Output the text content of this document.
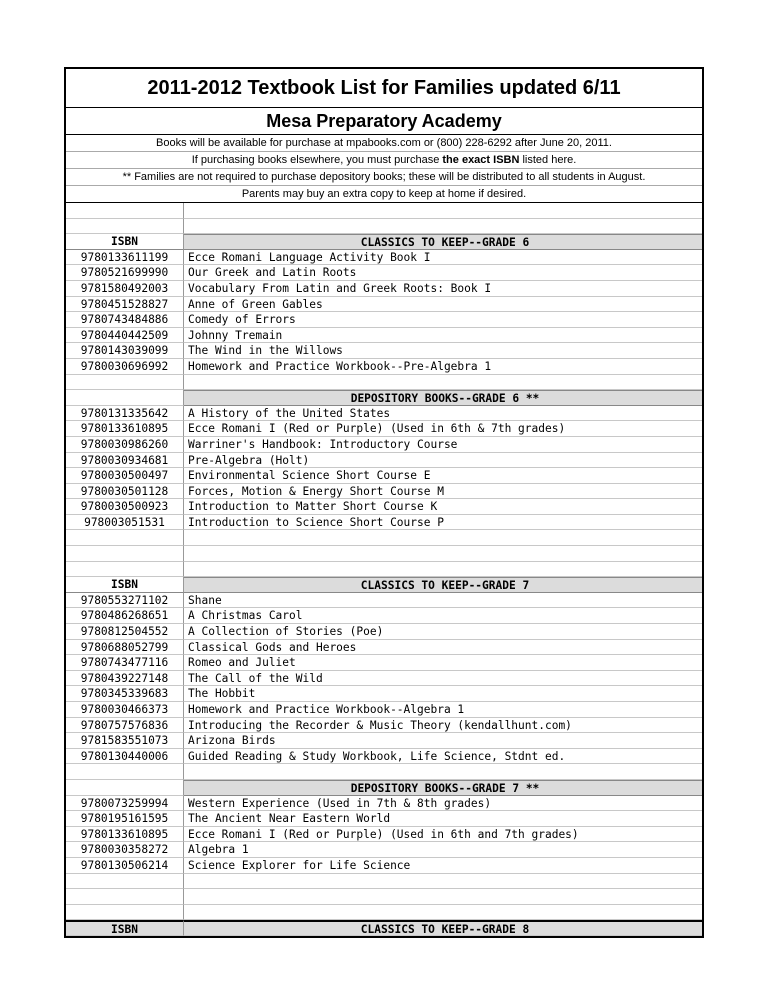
2011-2012 Textbook List for Families updated 6/11
Mesa Preparatory Academy
Books will be available for purchase at mpabooks.com or (800) 228-6292 after June 20, 2011.
If purchasing books elsewhere, you must purchase
the exact ISBN
listed here.
** Families are not required to purchase depository books; these will be distributed to all students in August.
Parents may buy an extra copy to keep at home if desired.
ISBN	CLASSICS TO KEEP--GRADE 6
9780133611199	Ecce Romani Language Activity Book I
9780521699990	Our Greek and Latin Roots
9781580492003	Vocabulary From Latin and Greek Roots: Book I
9780451528827	Anne of Green Gables
9780743484886	Comedy of Errors
9780440442509	Johnny Tremain
9780143039099	The Wind in the Willows
9780030696992	Homework and Practice Workbook--Pre-Algebra 1
DEPOSITORY BOOKS--GRADE 6 **
9780131335642	A History of the United States
9780133610895	Ecce Romani I (Red or Purple) (Used in 6th & 7th grades)
9780030986260	Warriner's Handbook: Introductory Course
9780030934681	Pre-Algebra (Holt)
9780030500497	Environmental Science Short Course E
9780030501128	Forces, Motion & Energy Short Course M
9780030500923	Introduction to Matter Short Course K
978003051531	Introduction to Science Short Course P
ISBN	CLASSICS TO KEEP--GRADE 7
9780553271102	Shane
9780486268651	A Christmas Carol
9780812504552	A Collection of Stories (Poe)
9780688052799	Classical Gods and Heroes
9780743477116	Romeo and Juliet
9780439227148	The Call of the Wild
9780345339683	The Hobbit
9780030466373	Homework and Practice Workbook--Algebra 1
9780757576836	Introducing the Recorder & Music Theory (kendallhunt.com)
9781583551073	Arizona Birds
9780130440006	Guided Reading & Study Workbook, Life Science, Stdnt ed.
DEPOSITORY BOOKS--GRADE 7 **
9780073259994	Western Experience (Used in 7th & 8th grades)
9780195161595	The Ancient Near Eastern World
9780133610895	Ecce Romani I (Red or Purple) (Used in 6th and 7th grades)
9780030358272	Algebra 1
9780130506214	Science Explorer for Life Science
ISBN	CLASSICS TO KEEP--GRADE 8
